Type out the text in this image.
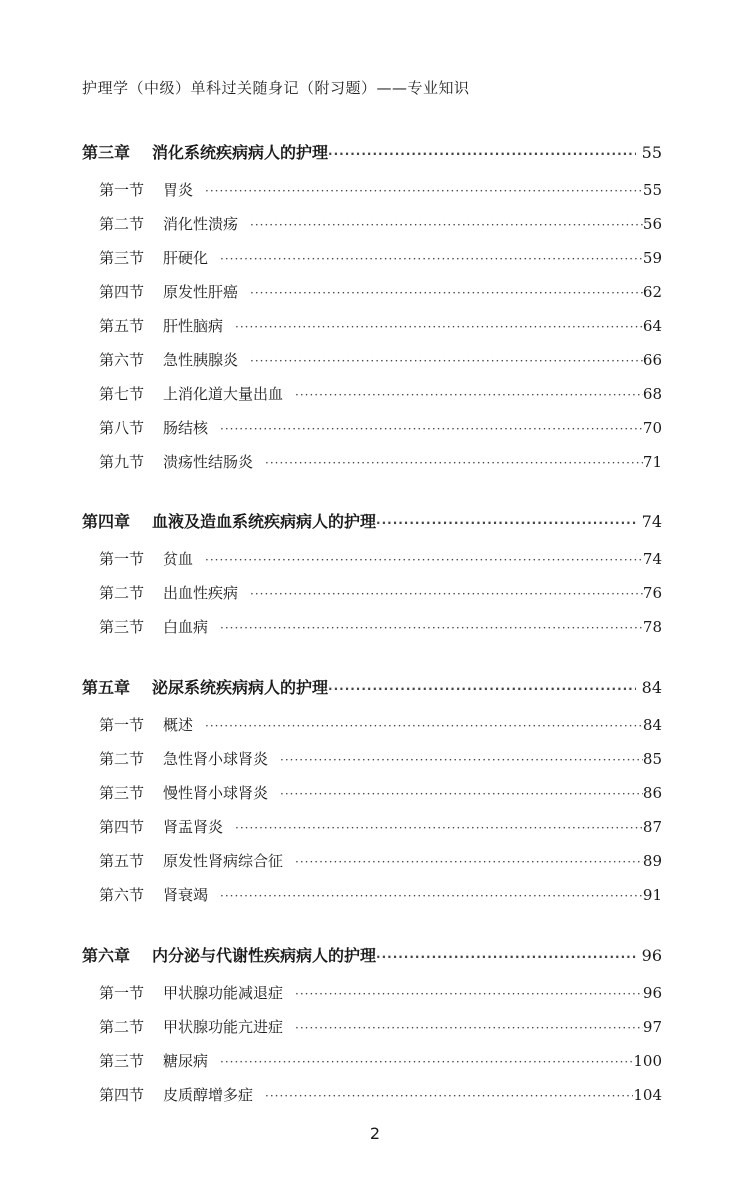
护理学（中级）单科过关随身记（附习题）——专业知识
第三章	消化系统疾病病人的护理 ·····	55
第一节	胃炎 ·····	55
第二节	消化性溃疡 ·····	56
第三节	肝硬化 ·····	59
第四节	原发性肝癌 ·····	62
第五节	肝性脑病 ·····	64
第六节	急性胰腺炎 ·····	66
第七节	上消化道大量出血 ·····	68
第八节	肠结核 ·····	70
第九节	溃疡性结肠炎 ·····	71
第四章	血液及造血系统疾病病人的护理 ·····	74
第一节	贫血 ·····	74
第二节	出血性疾病 ·····	76
第三节	白血病 ·····	78
第五章	泌尿系统疾病病人的护理 ·····	84
第一节	概述 ·····	84
第二节	急性肾小球肾炎 ·····	85
第三节	慢性肾小球肾炎 ·····	86
第四节	肾盂肾炎 ·····	87
第五节	原发性肾病综合征 ·····	89
第六节	肾衰竭 ·····	91
第六章	内分泌与代谢性疾病病人的护理 ·····	96
第一节	甲状腺功能减退症 ·····	96
第二节	甲状腺功能亢进症 ·····	97
第三节	糖尿病 ·····	100
第四节	皮质醇增多症 ·····	104
2
